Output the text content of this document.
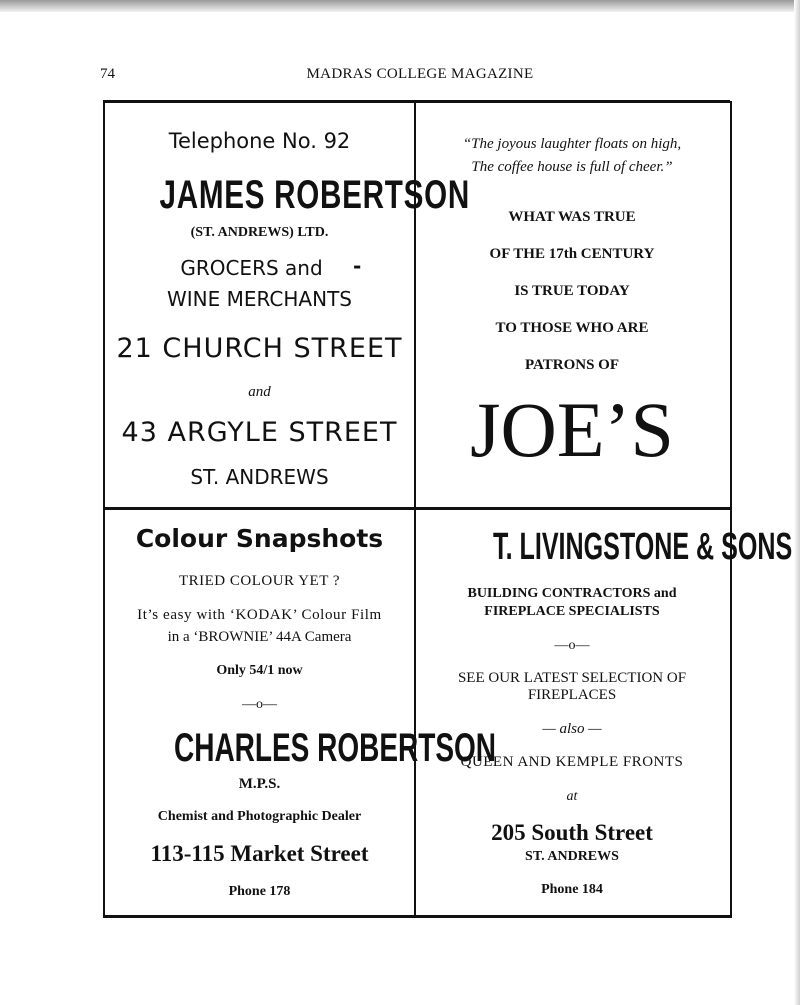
74	MADRAS COLLEGE MAGAZINE
Telephone No. 92
JAMES ROBERTSON
(ST. ANDREWS) LTD.
GROCERS and -
WINE MERCHANTS
21 CHURCH STREET
and
43 ARGYLE STREET
ST. ANDREWS
“The joyous laughter floats on high,
The coffee house is full of cheer.”
WHAT WAS TRUE
OF THE 17th CENTURY
IS TRUE TODAY
TO THOSE WHO ARE
PATRONS OF
JOE’S
Colour Snapshots
TRIED COLOUR YET ?
It’s easy with ‘KODAK’ Colour Film
in a ‘BROWNIE’ 44A Camera
Only 54/1 now
—o—
CHARLES ROBERTSON
M.P.S.
Chemist and Photographic Dealer
113-115 Market Street
Phone 178
T. LIVINGSTONE & SONS
BUILDING CONTRACTORS and
FIREPLACE SPECIALISTS
—o—
SEE OUR LATEST SELECTION OF
FIREPLACES
— also —
QUEEN AND KEMPLE FRONTS
at
205 South Street
ST. ANDREWS
Phone 184
